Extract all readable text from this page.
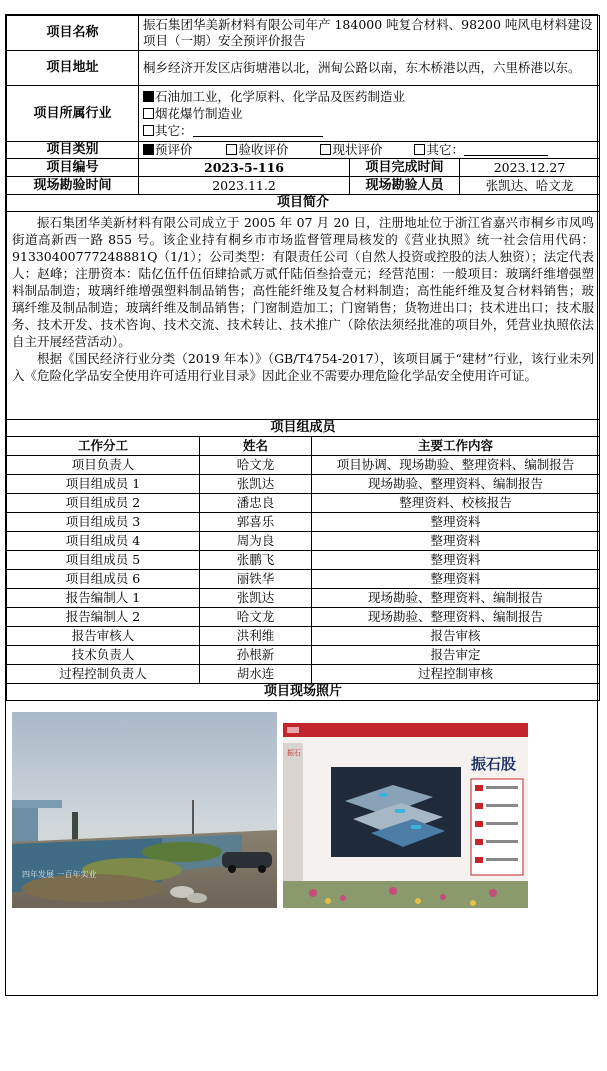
项目名称	振石集团华美新材料有限公司年产 184000 吨复合材料、98200 吨风电材料建设项目（一期）安全预评价报告		
项目地址	桐乡经济开发区店街塘港以北，洲甸公路以南，东木桥港以西，六里桥港以东。		
项目所属行业	石油加工业，化学原料、化学品及医药制造业
烟花爆竹制造业
其它：		

项目类别	预评价 验收评价 现状评价 其它：		
项目编号	2023-5-116	项目完成时间	2023.12.27
现场勘验时间	2023.11.2	现场勘验人员	张凯达、哈文龙
项目简介			

振石集团华美新材料有限公司成立于 2005 年 07 月 20 日，注册地址位于浙江省嘉兴市桐乡市凤鸣街道高新西一路 855 号。该企业持有桐乡市市场监督管理局核发的《营业执照》统一社会信用代码：91330400777248881Q（1/1）；公司类型：有限责任公司（自然人投资或控股的法人独资）；法定代表人：赵峰；注册资本：陆亿伍仟伍佰肆拾贰万贰仟陆佰叁拾壹元；经营范围：一般项目：玻璃纤维增强塑料制品制造；玻璃纤维增强塑料制品销售；高性能纤维及复合材料制造；高性能纤维及复合材料销售；玻璃纤维及制品制造；玻璃纤维及制品销售；门窗制造加工；门窗销售；货物进出口；技术进出口；技术服务、技术开发、技术咨询、技术交流、技术转让、技术推广（除依法须经批准的项目外，凭营业执照依法自主开展经营活动）。

根据《国民经济行业分类（2019 年本）》（GB/T4754-2017），该项目属于“建材”行业，该行业未列入《危险化学品安全使用许可适用行业目录》因此企业不需要办理危险化学品安全使用许可证。			

项目组成员			
工作分工	姓名	主要工作内容
项目负责人	哈文龙	项目协调、现场勘验、整理资料、编制报告
项目组成员 1	张凯达	现场勘验、整理资料、编制报告
项目组成员 2	潘忠良	整理资料、校核报告
项目组成员 3	郭喜乐	整理资料
项目组成员 4	周为良	整理资料
项目组成员 5	张鹏飞	整理资料
项目组成员 6	丽铁华	整理资料
报告编制人 1	张凯达	现场勘验、整理资料、编制报告
报告编制人 2	哈文龙	现场勘验、整理资料、编制报告
报告审核人	洪利维	报告审核
技术负责人	孙根新	报告审定
过程控制负责人	胡水连	过程控制审核
项目现场照片		
四年发展 一百年实业
振石
振石股
